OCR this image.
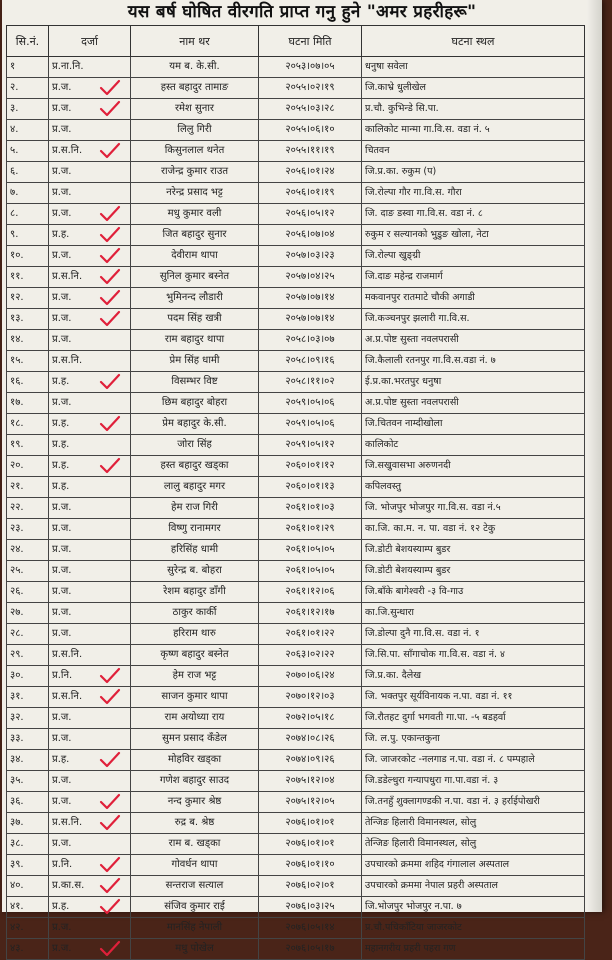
यस बर्ष घोषित वीरगति प्राप्त गनु हुने "अमर प्रहरीहरू"
सि.नं.	दर्जा	नाम थर	घटना मिति	घटना स्थल
१	प्र.ना.नि.	यम ब. के.सी.	२०५३।०७।०५	धनुषा सवेला
२.	प्र.ज.	हस्त बहादुर तामाङ	२०५५।०२।१९	जि.काभ्रे धुलीखेल
३.	प्र.ज.	रमेश सुनार	२०५५।०३।२८	प्र.चौ. कुभिन्डे सि.पा.
४.	प्र.ज.	लिलु गिरी	२०५५।०६।१०	कालिकोट मान्मा गा.वि.स. वडा नं. ५
५.	प्र.स.नि.	किसुनलाल थनेत	२०५५।११।१९	चितवन
६.	प्र.ज.	राजेन्द्र कुमार राउत	२०५६।०१।२४	जि.प्र.का. रुकुम (प)
७.	प्र.ज.	नरेन्द्र प्रसाद भट्ट	२०५६।०१।१९	जि.रोल्पा गौर गा.वि.स. गौरा
८.	प्र.ज.	मधु कुमार वली	२०५६।०५।१२	जि. दाङ डस्वा गा.वि.स. वडा नं. ८
९.	प्र.ह.	जित बहादुर सुनार	२०५६।०७।०४	रुकुम र सल्यानको भुडुङ खोला, नेटा
१०.	प्र.ज.	देवीराम थापा	२०५७।०३।२३	जि.रोल्पा खुङ्ग्री
११.	प्र.स.नि.	सुनिल कुमार बस्नेत	२०५७।०४।२५	जि.दाङ महेन्द्र राजमार्ग
१२.	प्र.ज.	भुमिनन्द लौडारी	२०५७।०७।१४	मकवानपुर रातमाटे चौकी अगाडी
१३.	प्र.ज.	पदम सिंह खत्री	२०५७।०७।१४	जि.कञ्चनपुर झलारी गा.वि.स.
१४.	प्र.ज.	राम बहादुर थापा	२०५८।०३।०७	अ.प्र.पोष्ट सुस्ता नवलपरासी
१५.	प्र.स.नि.	प्रेम सिंह धामी	२०५८।०९।१६	जि.कैलाली रतनपुर गा.वि.स.वडा नं. ७
१६.	प्र.ह.	विसम्भर विष्ट	२०५८।११।०२	ई.प्र.का.भरतपुर धनुषा
१७.	प्र.ज.	छिम बहादुर बोहरा	२०५९।०५।०६	अ.प्र.पोष्ट सुस्ता नवलपरासी
१८.	प्र.ह.	प्रेम बहादुर के.सी.	२०५९।०५।०६	जि.चितवन नाम्दीखोला
१९.	प्र.ह.	जोरा सिंह	२०५९।०५।१२	कालिकोट
२०.	प्र.ह.	हस्त बहादुर खड्का	२०६०।०१।१२	जि.सखुवासभा अरुणनदी
२१.	प्र.ह.	लालु बहादुर मगर	२०६०।०१।१३	कपिलवस्तु
२२.	प्र.ज.	हेम राज गिरी	२०६१।०१।०३	जि. भोजपुर भोजपुर गा.वि.स. वडा नं.५
२३.	प्र.ज.	विष्णु रानामगर	२०६१।०१।२९	का.जि. का.म. न. पा. वडा नं. १२ टेकु
२४.	प्र.ज.	हरिसिंह धामी	२०६१।०५।०५	जि.डोटी बेशयस्याम्प बुडर
२५.	प्र.ज.	सुरेन्द्र ब. बोहरा	२०६१।०५।०५	जि.डोटी बेशयस्याम्प बुडर
२६.	प्र.ज.	रेशम बहादुर डाँगी	२०६१।१२।०६	जि.बाँके बागेश्वरी -३ वि-गाउ
२७.	प्र.ज.	ठाकुर कार्की	२०६१।१२।१७	का.जि.सुन्धारा
२८.	प्र.ज.	हरिराम थारु	२०६१।०१।२२	जि.डोल्पा दुनै गा.वि.स. वडा नं. १
२९.	प्र.स.नि.	कृष्ण बहादुर बस्नेत	२०६३।०२।२२	जि.सि.पा. साँगाचोक गा.वि.स. वडा नं. ४
३०.	प्र.नि.	हेम राज भट्ट	२०७०।०६।२४	जि.प्र.का. दैलेख
३१.	प्र.स.नि.	साजन कुमार थापा	२०७०।१२।०३	जि. भक्तपुर सूर्यविनायक न.पा. वडा नं. ११
३२.	प्र.ज.	राम अयोध्या राय	२०७२।०५।१८	जि.रौतहट दुर्गा भगवती गा.पा. -५ बडहर्वा
३३.	प्र.ज.	सुमन प्रसाद कँडेल	२०७४।०८।२६	जि. ल.पु. एकान्तकुना
३४.	प्र.ह.	मोहविर खड्का	२०७४।०९।२६	जि. जाजरकोट -नलगाड न.पा. वडा नं. ८ पम्पहाले
३५.	प्र.ज.	गणेश बहादुर साउद	२०७५।१२।०४	जि.डडेल्धुरा गन्यापधुरा गा.पा.वडा नं. ३
३६.	प्र.ज.	नन्द कुमार श्रेष्ठ	२०७५।१२।०५	जि.तनहुँ शुक्लागण्डकी न.पा. वडा नं. ३ हर्राईपोखरी
३७.	प्र.स.नि.	रुद्र ब. श्रेष्ठ	२०७६।०१।०१	तेन्जिङ हिलारी विमानस्थल, सोलु
३८.	प्र.ज.	राम ब. खड्का	२०७६।०१।०१	तेन्जिङ हिलारी विमानस्थल, सोलु
३९.	प्र.नि.	गोवर्धन थापा	२०७६।०१।१०	उपचारको क्रममा शहिद गंगालाल अस्पताल
४०.	प्र.का.स.	सन्तराज सत्याल	२०७६।०२।०१	उपचारको क्रममा नेपाल प्रहरी अस्पताल
४१.	प्र.ह.	संजिव कुमार राई	२०७६।०३।२५	जि.भोजपुर भोजपुर न.पा. ७
४२.	प्र.ज.	मानसिंह नेपाली	२०७६।०५।१४	प्र.चौ.पचिकाँटिया जाजरकोट
४३.	प्र.ज.	मधु पोखेल	२०७६।०५।१७	महानगरीय प्रहरी पहरा गण
